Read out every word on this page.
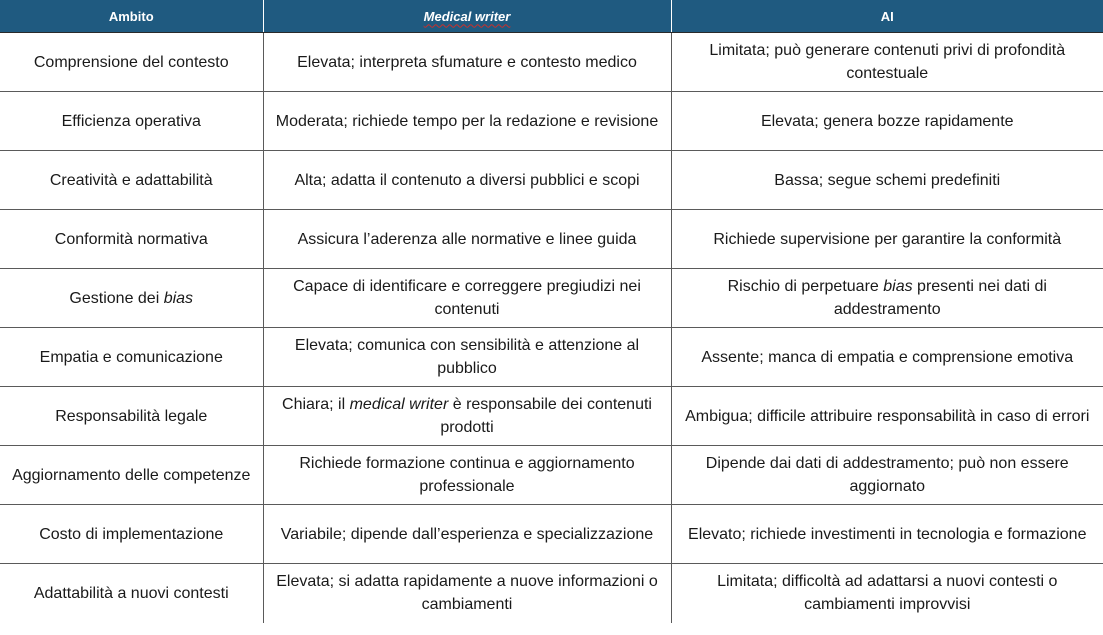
Ambito	Medical writer	AI
Comprensione del contesto	Elevata; interpreta sfumature e contesto medico	Limitata; può generare contenuti privi di profondità contestuale
Efficienza operativa	Moderata; richiede tempo per la redazione e revisione	Elevata; genera bozze rapidamente
Creatività e adattabilità	Alta; adatta il contenuto a diversi pubblici e scopi	Bassa; segue schemi predefiniti
Conformità normativa	Assicura l’aderenza alle normative e linee guida	Richiede supervisione per garantire la conformità
Gestione dei bias	Capace di identificare e correggere pregiudizi nei contenuti	Rischio di perpetuare bias presenti nei dati di addestramento
Empatia e comunicazione	Elevata; comunica con sensibilità e attenzione al pubblico	Assente; manca di empatia e comprensione emotiva
Responsabilità legale	Chiara; il medical writer è responsabile dei contenuti prodotti	Ambigua; difficile attribuire responsabilità in caso di errori
Aggiornamento delle competenze	Richiede formazione continua e aggiornamento professionale	Dipende dai dati di addestramento; può non essere aggiornato
Costo di implementazione	Variabile; dipende dall’esperienza e specializzazione	Elevato; richiede investimenti in tecnologia e formazione
Adattabilità a nuovi contesti	Elevata; si adatta rapidamente a nuove informazioni o cambiamenti	Limitata; difficoltà ad adattarsi a nuovi contesti o cambiamenti improvvisi
